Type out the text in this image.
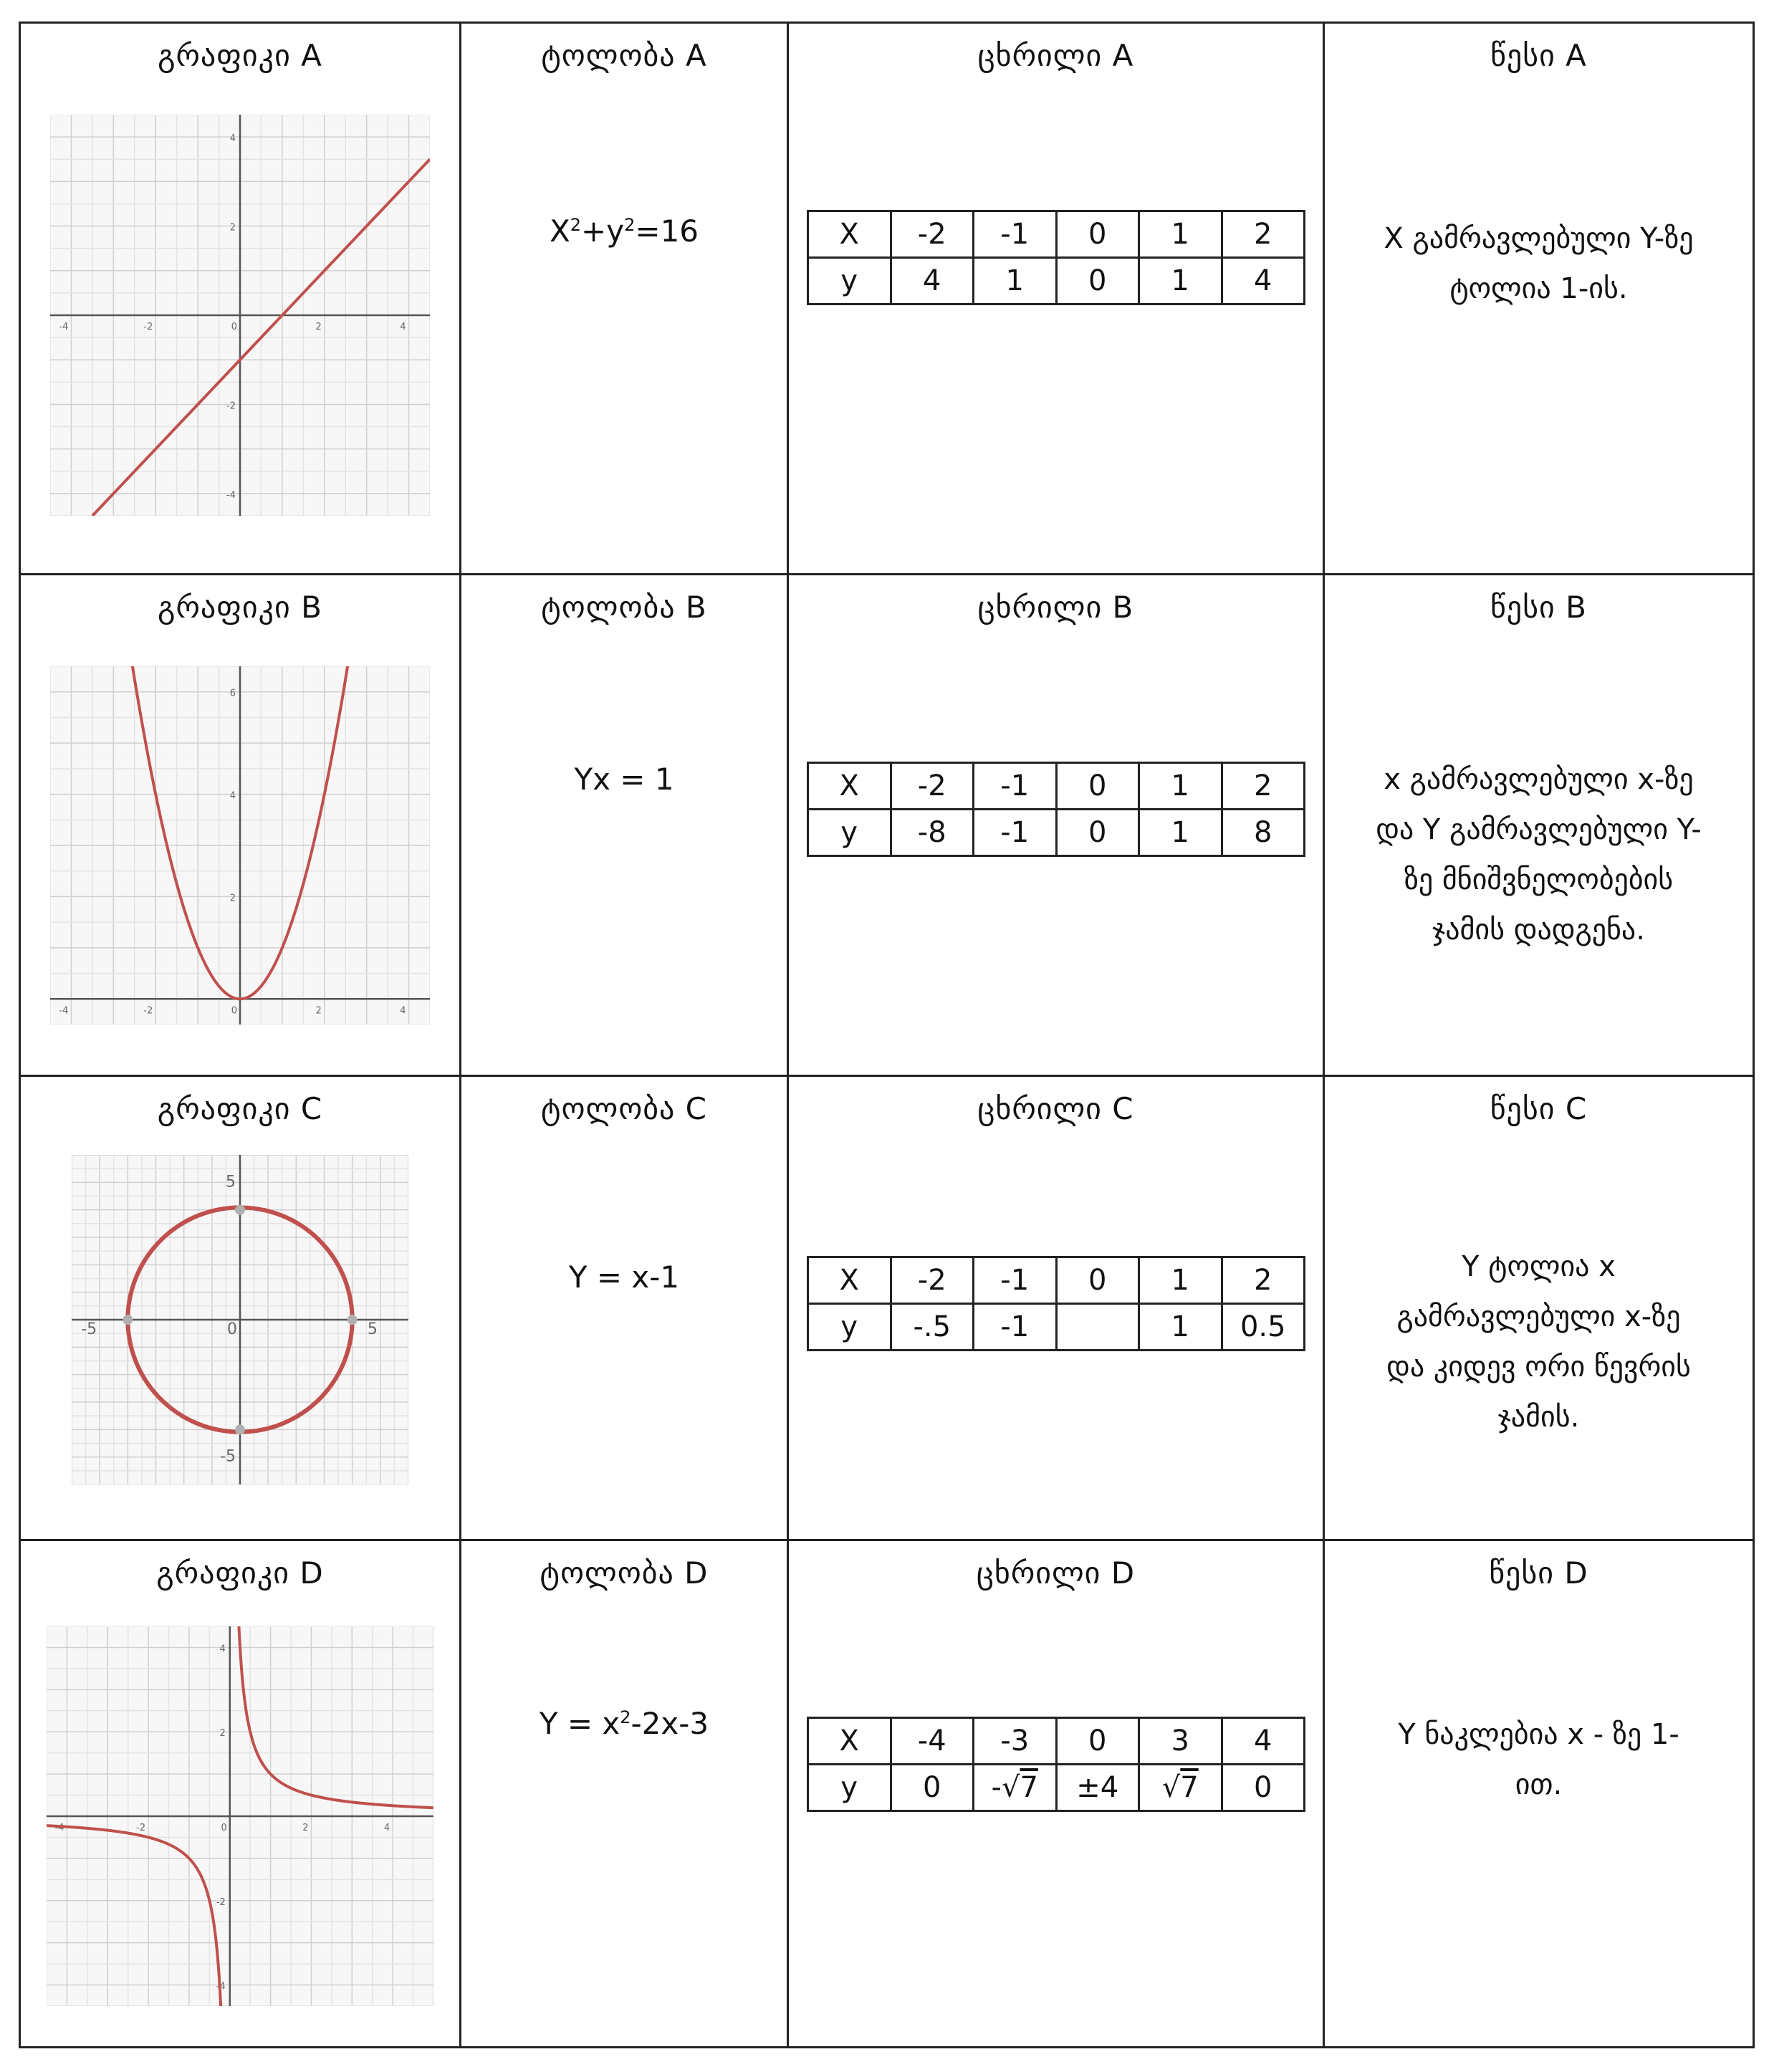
გრაფიკი A
-4	-2	0	2	4
4
2
-2
-4

ტოლობა A
$X^2+y^2=16$

ცხრილი A
X	-2	-1	0	1	2
y	4	1	0	1	4

წესი A
X გამრავლებული Y-ზე
ტოლია 1-ის.

გრაფიკი B
-4	-2	0	2	4
6
4
2

ტოლობა B
Yx = 1

ცხრილი B
X	-2	-1	0	1	2
y	-8	-1	0	1	8

წესი B
x გამრავლებული x-ზე
და Y გამრავლებული Y-
ზე მნიშვნელობების
ჯამის დადგენა.

გრაფიკი C
-5	0	5
5
-5

ტოლობა C
Y = x-1

ცხრილი C
X	-2	-1	0	1	2
y	-.5	-1		1	0.5

წესი C
Y ტოლია x
გამრავლებული x-ზე
და კიდევ ორი წევრის
ჯამის.

გრაფიკი D
-4	-2	0	2	4
4
2
-2
-4

ტოლობა D
$Y = x^2-2x-3$

ცხრილი D
X	-4	-3	0	3	4
y	0	-√7	±4	√7	0

წესი D
Y ნაკლებია x - ზე 1-
ით.
